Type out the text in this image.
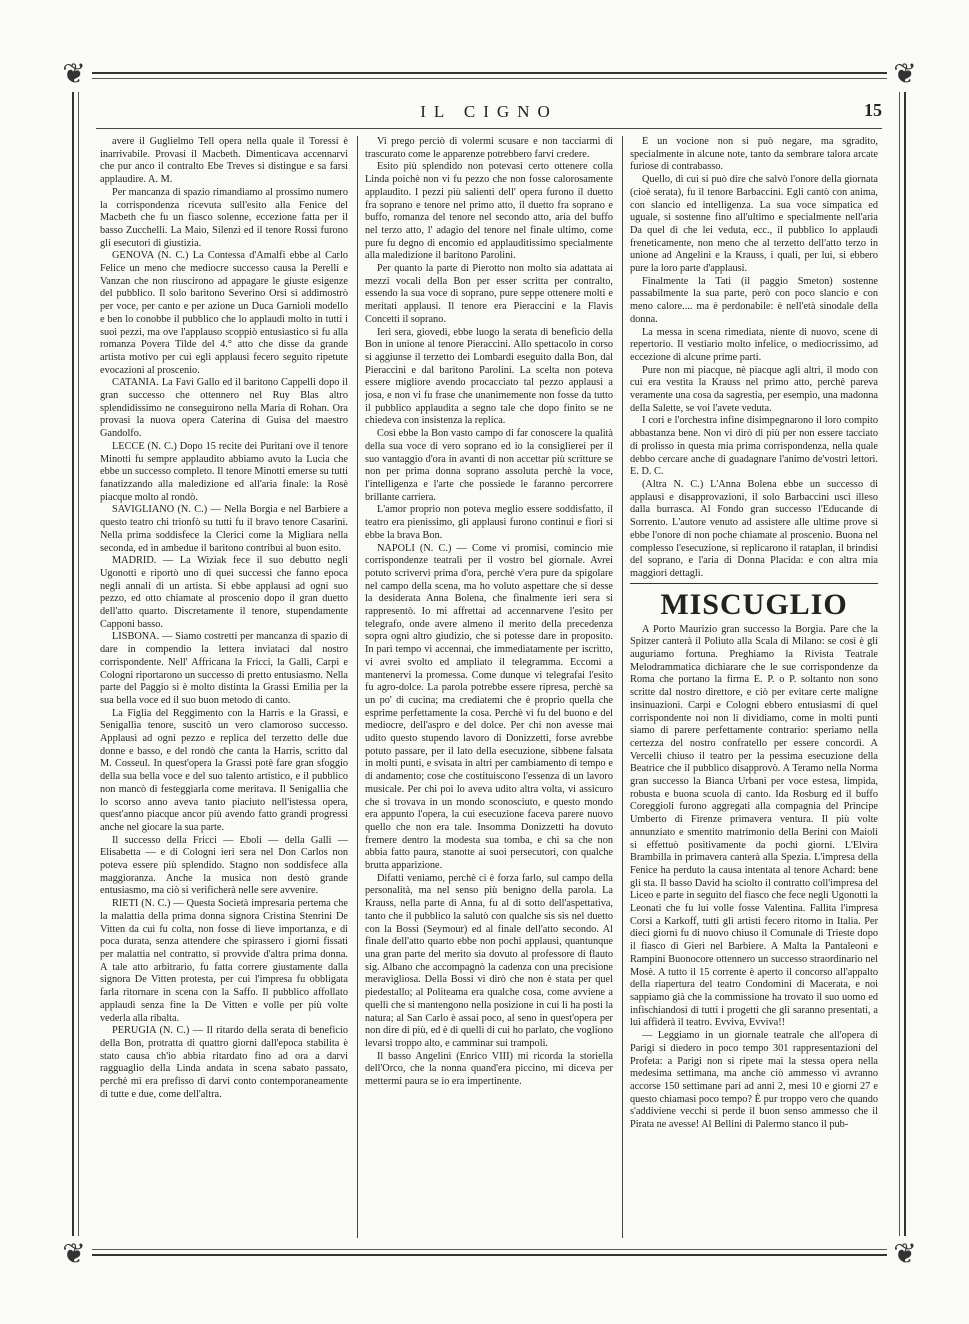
❦	❦
❦	❦
IL CIGNO	15

avere il Guglielmo Tell opera nella quale il Toressi è inarrivabile. Provasi il Macbeth. Dimenticava accennarvi che pur anco il contralto Ebe Treves si distingue e sa farsi applaudire. A. M.

Per mancanza di spazio rimandiamo al prossimo numero la corrispondenza ricevuta sull'esito alla Fenice del Macbeth che fu un fiasco solenne, eccezione fatta per il basso Zucchelli. La Maio, Silenzi ed il tenore Rossi furono gli esecutori di giustizia.

GENOVA (N. C.) La Contessa d'Amalfi ebbe al Carlo Felice un meno che mediocre successo causa la Perelli e Vanzan che non riuscirono ad appagare le giuste esigenze del pubblico. Il solo baritono Severino Orsi si addimostrò per voce, per canto e per azione un Duca Garnioli modello e ben lo conobbe il pubblico che lo applaudì molto in tutti i suoi pezzi, ma ove l'applauso scoppiò entusiastico si fu alla romanza Povera Tilde del 4.° atto che disse da grande artista motivo per cui egli applausi fecero seguito ripetute evocazioni al proscenio.

CATANIA. La Favi Gallo ed il baritono Cappelli dopo il gran successo che ottennero nel Ruy Blas altro splendidissimo ne conseguirono nella Maria di Rohan. Ora provasi la nuova opera Caterina di Guisa del maestro Gandolfo.

LECCE (N. C.) Dopo 15 recite dei Puritani ove il tenore Minotti fu sempre applaudito abbiamo avuto la Lucia che ebbe un successo completo. Il tenore Minotti emerse su tutti fanatizzando alla maledizione ed all'aria finale: la Rosè piacque molto al rondò.

SAVIGLIANO (N. C.) — Nella Borgia e nel Barbiere a questo teatro chi trionfò su tutti fu il bravo tenore Casarini. Nella prima soddisfece la Clerici come la Migliara nella seconda, ed in ambedue il baritono contribuì al buon esito.

MADRID. — La Wiziak fece il suo debutto negli Ugonotti e riportò uno di quei successi che fanno epoca negli annali di un artista. Si ebbe applausi ad ogni suo pezzo, ed otto chiamate al proscenio dopo il gran duetto dell'atto quarto. Discretamente il tenore, stupendamente Capponi basso.

LISBONA. — Siamo costretti per mancanza di spazio di dare in compendio la lettera inviataci dal nostro corrispondente. Nell' Affricana la Fricci, la Galli, Carpi e Cologni riportarono un successo di pretto entusiasmo. Nella parte del Paggio si è molto distinta la Grassi Emilia per la sua bella voce ed il suo buon metodo di canto.

La Figlia del Reggimento con la Harris e la Grassi, e Senigallia tenore, suscitò un vero clamoroso successo. Applausi ad ogni pezzo e replica del terzetto delle due donne e basso, e del rondò che canta la Harris, scritto dal M. Cosseul. In quest'opera la Grassi potè fare gran sfoggio della sua bella voce e del suo talento artistico, e il pubblico non mancò di festeggiarla come meritava. Il Senigallia che lo scorso anno aveva tanto piaciuto nell'istessa opera, quest'anno piacque ancor più avendo fatto grandi progressi anche nel giocare la sua parte.

Il successo della Fricci — Eboli — della Galli — Elisabetta — e di Cologni ieri sera nel Don Carlos non poteva essere più splendido. Stagno non soddisfece alla maggioranza. Anche la musica non destò grande entusiasmo, ma ciò si verificherà nelle sere avvenire.

RIETI (N. C.) — Questa Società impresaria pertema che la malattia della prima donna signora Cristina Stenrini De Vitten da cui fu colta, non fosse di lieve importanza, e di poca durata, senza attendere che spirassero i giorni fissati per malattia nel contratto, si provvide d'altra prima donna. A tale atto arbitrario, fu fatta correre giustamente dalla signora De Vitten protesta, per cui l'impresa fu obbligata farla ritornare in scena con la Saffo. Il pubblico affollato applaudì senza fine la De Vitten e volle per più volte vederla alla ribalta.

PERUGIA (N. C.) — Il ritardo della serata di beneficio della Bon, protratta di quattro giorni dall'epoca stabilita è stato causa ch'io abbia ritardato fino ad ora a darvi ragguaglio della Linda andata in scena sabato passato, perchè mi era prefisso di darvi conto contemporaneamente di tutte e due, come dell'altra.

Vi prego perciò di volermi scusare e non tacciarmi di trascurato come le apparenze potrebbero farvi credere.

Esito più splendido non potevasi certo ottenere colla Linda poichè non vi fu pezzo che non fosse calorosamente applaudito. I pezzi più salienti dell' opera furono il duetto fra soprano e tenore nel primo atto, il duetto fra soprano e buffo, romanza del tenore nel secondo atto, aria del buffo nel terzo atto, l' adagio del tenore nel finale ultimo, come pure fu degno di encomio ed applauditissimo specialmente alla maledizione il baritono Parolini.

Per quanto la parte di Pierotto non molto sia adattata ai mezzi vocali della Bon per esser scritta per contralto, essendo la sua voce di soprano, pure seppe ottenere molti e meritati applausi. Il tenore era Pieraccini e la Flavis Concetti il soprano.

Ieri sera, giovedì, ebbe luogo la serata di beneficio della Bon in unione al tenore Pieraccini. Allo spettacolo in corso si aggiunse il terzetto dei Lombardi eseguito dalla Bon, dal Pieraccini e dal baritono Parolini. La scelta non poteva essere migliore avendo procacciato tal pezzo applausi a josa, e non vi fu frase che unanimemente non fosse da tutto il pubblico applaudita a segno tale che dopo finito se ne chiedeva con insistenza la replica.

Così ebbe la Bon vasto campo di far conoscere la qualità della sua voce di vero soprano ed io la consiglierei per il suo vantaggio d'ora in avanti di non accettar più scritture se non per prima donna soprano assoluta perchè la voce, l'intelligenza e l'arte che possiede le faranno percorrere brillante carriera.

L'amor proprio non poteva meglio essere soddisfatto, il teatro era pienissimo, gli applausi furono continui e fiori si ebbe la brava Bon.

NAPOLI (N. C.) — Come vi promisi, comincio mie corrispondenze teatrali per il vostro bel giornale. Avrei potuto scrivervi prima d'ora, perchè v'era pure da spigolare nel campo della scena, ma ho voluto aspettare che si desse la desiderata Anna Bolena, che finalmente ieri sera si rappresentò. Io mi affrettai ad accennarvene l'esito per telegrafo, onde avere almeno il merito della precedenza sopra ogni altro giudizio, che si potesse dare in proposito. In pari tempo vi accennai, che immediatamente per iscritto, vi avrei svolto ed ampliato il telegramma. Eccomi a mantenervi la promessa. Come dunque vi telegrafai l'esito fu agro-dolce. La parola potrebbe essere ripresa, perchè sa un po' di cucina; ma crediatemi che è proprio quella che esprime perfettamente la cosa. Perchè vi fu del buono e del mediocre, dell'aspro e del dolce. Per chi non avesse mai udito questo stupendo lavoro di Donizzetti, forse avrebbe potuto passare, per il lato della esecuzione, sibbene falsata in molti punti, e svisata in altri per cambiamento di tempo e di andamento; cose che costituiscono l'essenza di un lavoro musicale. Per chi poi lo aveva udito altra volta, vi assicuro che si trovava in un mondo sconosciuto, e questo mondo era appunto l'opera, la cui esecuzione faceva parere nuovo quello che non era tale. Insomma Donizzetti ha dovuto fremere dentro la modesta sua tomba, e chi sa che non abbia fatto paura, stanotte ai suoi persecutori, con qualche brutta apparizione.

Difatti veniamo, perchè ci è forza farlo, sul campo della personalità, ma nel senso più benigno della parola. La Krauss, nella parte di Anna, fu al di sotto dell'aspettativa, tanto che il pubblico la salutò con qualche sis sis nel duetto con la Bossi (Seymour) ed al finale dell'atto secondo. Al finale dell'atto quarto ebbe non pochi applausi, quantunque una gran parte del merito sia dovuto al professore di flauto sig. Albano che accompagnò la cadenza con una precisione meravigliosa. Della Bossi vi dirò che non è stata per quel piedestallo; al Politeama era qualche cosa, come avviene a quelli che si mantengono nella posizione in cui li ha posti la natura; al San Carlo è assai poco, al seno in quest'opera per non dire di più, ed è di quelli di cui ho parlato, che vogliono levarsi troppo alto, e camminar sui trampoli.

Il basso Angelini (Enrico VIII) mi ricorda la storiella dell'Orco, che la nonna quand'era piccino, mi diceva per mettermi paura se io era impertinente.

È un vocione non si può negare, ma sgradito, specialmente in alcune note, tanto da sembrare talora arcate furiose di contrabasso.

Quello, di cui si può dire che salvò l'onore della giornata (cioè serata), fu il tenore Barbaccini. Egli cantò con anima, con slancio ed intelligenza. La sua voce simpatica ed uguale, si sostenne fino all'ultimo e specialmente nell'aria Da quel dì che lei veduta, ecc., il pubblico lo applaudì freneticamente, non meno che al terzetto dell'atto terzo in unione ad Angelini e la Krauss, i quali, per lui, si ebbero pure la loro parte d'applausi.

Finalmente la Tati (il paggio Smeton) sostenne passabilmente la sua parte, però con poco slancio e con meno calore.... ma è perdonabile: è nell'età sinodale della donna.

La messa in scena rimediata, niente di nuovo, scene di repertorio. Il vestiario molto infelice, o mediocrissimo, ad eccezione di alcune prime parti.

Pure non mi piacque, nè piacque agli altri, il modo con cui era vestita la Krauss nel primo atto, perchè pareva veramente una cosa da sagrestia, per esempio, una madonna della Salette, se voi l'avete veduta.

I cori e l'orchestra infine disimpegnarono il loro compito abbastanza bene. Non vi dirò di più per non essere tacciato di prolisso in questa mia prima corrispondenza, nella quale debbo cercare anche di guadagnare l'animo de'vostri lettori. E. D. C.

(Altra N. C.) L'Anna Bolena ebbe un successo di applausi e disapprovazioni, il solo Barbaccini uscì illeso dalla burrasca. Al Fondo gran successo l'Educande di Sorrento. L'autore venuto ad assistere alle ultime prove si ebbe l'onore di non poche chiamate al proscenio. Buona nel complesso l'esecuzione, si replicarono il rataplan, il brindisi del soprano, e l'aria di Donna Placida: e con altra mia maggiori dettagli.

MISCUGLIO

A Porto Maurizio gran successo la Borgia. Pare che la Spitzer canterà il Poliuto alla Scala di Milano: se così è gli auguriamo fortuna. Preghiamo la Rivista Teatrale Melodrammatica dichiarare che le sue corrispondenze da Roma che portano la firma E. P. o P. soltanto non sono scritte dal nostro direttore, e ciò per evitare certe maligne insinuazioni. Carpi e Cologni ebbero entusiasmi di quel corrispondente noi non li dividiamo, come in molti punti siamo di parere perfettamente contrario: speriamo nella certezza del nostro confratello per essere concordi. A Vercelli chiuso il teatro per la pessima esecuzione della Beatrice che il pubblico disapprovò. A Teramo nella Norma gran successo la Bianca Urbani per voce estesa, limpida, robusta e buona scuola di canto. Ida Rosburg ed il buffo Coreggioli furono aggregati alla compagnia del Principe Umberto di Firenze primavera ventura. Il più volte annunziato e smentito matrimonio della Berini con Maioli si effettuò positivamente da pochi giorni. L'Elvira Brambilla in primavera canterà alla Spezia. L'impresa della Fenice ha perduto la causa intentata al tenore Achard: bene gli sta. Il basso David ha sciolto il contratto coll'impresa del Liceo e parte in seguito del fiasco che fece negli Ugonotti la Leonati che fu lui volle fosse Valentina. Fallita l'impresa Corsi a Karkoff, tutti gli artisti fecero ritorno in Italia. Per dieci giorni fu di nuovo chiuso il Comunale di Trieste dopo il fiasco di Gieri nel Barbiere. A Malta la Pantaleoni e Rampini Buonocore ottennero un successo straordinario nel Mosè. A tutto il 15 corrente è aperto il concorso all'appalto della riapertura del teatro Condomini di Macerata, e noi sappiamo già che la commissione ha trovato il suo uomo ed infischiandosi di tutti i progetti che gli saranno presentati, a lui affiderà il teatro. Evviva, Evviva!!

— Leggiamo in un giornale teatrale che all'opera di Parigi si diedero in poco tempo 301 rappresentazioni del Profeta: a Parigi non si ripete mai la stessa opera nella medesima settimana, ma anche ciò ammesso vi avranno accorse 150 settimane pari ad anni 2, mesi 10 e giorni 27 e questo chiamasi poco tempo? È pur troppo vero che quando s'addiviene vecchi si perde il buon senso ammesso che il Pirata ne avesse! Al Bellini di Palermo stanco il pub-
